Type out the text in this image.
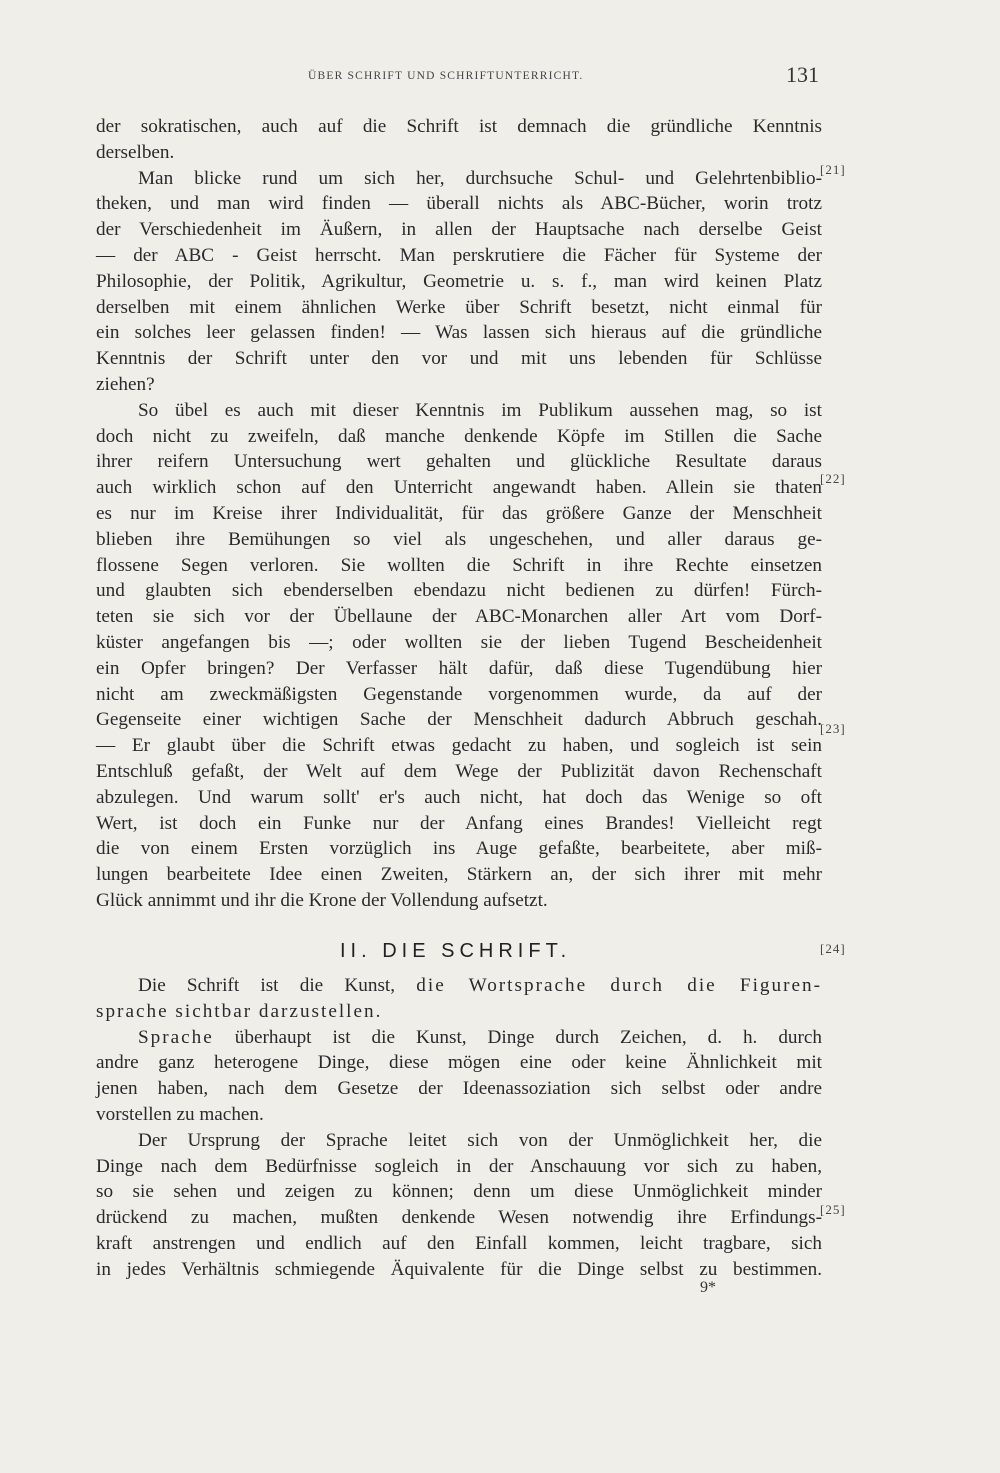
ÜBER SCHRIFT UND SCHRIFTUNTERRICHT.	131
der sokratischen, auch auf die Schrift ist demnach die gründliche Kenntnis
derselben.
Man blicke rund um sich her, durchsuche Schul- und Gelehrtenbiblio-
theken, und man wird finden — überall nichts als ABC-Bücher, worin trotz
der Verschiedenheit im Äußern, in allen der Hauptsache nach derselbe Geist
— der ABC - Geist herrscht. Man perskrutiere die Fächer für Systeme der
Philosophie, der Politik, Agrikultur, Geometrie u. s. f., man wird keinen Platz
derselben mit einem ähnlichen Werke über Schrift besetzt, nicht einmal für
ein solches leer gelassen finden! — Was lassen sich hieraus auf die gründliche
Kenntnis der Schrift unter den vor und mit uns lebenden für Schlüsse
ziehen?
So übel es auch mit dieser Kenntnis im Publikum aussehen mag, so ist
doch nicht zu zweifeln, daß manche denkende Köpfe im Stillen die Sache
ihrer reifern Untersuchung wert gehalten und glückliche Resultate daraus
auch wirklich schon auf den Unterricht angewandt haben. Allein sie thaten
es nur im Kreise ihrer Individualität, für das größere Ganze der Menschheit
blieben ihre Bemühungen so viel als ungeschehen, und aller daraus ge-
flossene Segen verloren. Sie wollten die Schrift in ihre Rechte einsetzen
und glaubten sich ebenderselben ebendazu nicht bedienen zu dürfen! Fürch-
teten sie sich vor der Übellaune der ABC-Monarchen aller Art vom Dorf-
küster angefangen bis —; oder wollten sie der lieben Tugend Bescheidenheit
ein Opfer bringen? Der Verfasser hält dafür, daß diese Tugendübung hier
nicht am zweckmäßigsten Gegenstande vorgenommen wurde, da auf der
Gegenseite einer wichtigen Sache der Menschheit dadurch Abbruch geschah.
— Er glaubt über die Schrift etwas gedacht zu haben, und sogleich ist sein
Entschluß gefaßt, der Welt auf dem Wege der Publizität davon Rechenschaft
abzulegen. Und warum sollt' er's auch nicht, hat doch das Wenige so oft
Wert, ist doch ein Funke nur der Anfang eines Brandes! Vielleicht regt
die von einem Ersten vorzüglich ins Auge gefaßte, bearbeitete, aber miß-
lungen bearbeitete Idee einen Zweiten, Stärkern an, der sich ihrer mit mehr
Glück annimmt und ihr die Krone der Vollendung aufsetzt.
[21]
[22]
[23]
II. DIE SCHRIFT.	[24]
Die Schrift ist die Kunst, die Wortsprache durch die Figuren-
sprache sichtbar darzustellen.
Sprache überhaupt ist die Kunst, Dinge durch Zeichen, d. h. durch
andre ganz heterogene Dinge, diese mögen eine oder keine Ähnlichkeit mit
jenen haben, nach dem Gesetze der Ideenassoziation sich selbst oder andre
vorstellen zu machen.
Der Ursprung der Sprache leitet sich von der Unmöglichkeit her, die
Dinge nach dem Bedürfnisse sogleich in der Anschauung vor sich zu haben,
so sie sehen und zeigen zu können; denn um diese Unmöglichkeit minder
drückend zu machen, mußten denkende Wesen notwendig ihre Erfindungs-
kraft anstrengen und endlich auf den Einfall kommen, leicht tragbare, sich
in jedes Verhältnis schmiegende Äquivalente für die Dinge selbst zu bestimmen.
[25]
9*
